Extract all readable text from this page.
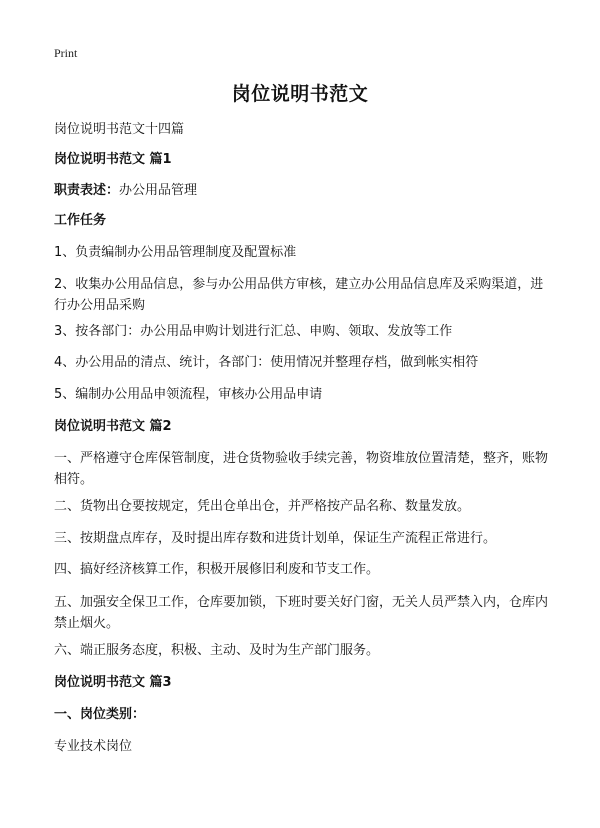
Print
岗位说明书范文
岗位说明书范文十四篇
岗位说明书范文 篇1
职责表述：办公用品管理
工作任务
1、负责编制办公用品管理制度及配置标准
2、收集办公用品信息，参与办公用品供方审核，建立办公用品信息库及采购渠道，进行办公用品采购
3、按各部门：办公用品申购计划进行汇总、申购、领取、发放等工作
4、办公用品的清点、统计，各部门：使用情况并整理存档，做到帐实相符
5、编制办公用品申领流程，审核办公用品申请
岗位说明书范文 篇2
一、严格遵守仓库保管制度，进仓货物验收手续完善，物资堆放位置清楚，整齐，账物相符。
二、货物出仓要按规定，凭出仓单出仓，并严格按产品名称、数量发放。
三、按期盘点库存，及时提出库存数和进货计划单，保证生产流程正常进行。
四、搞好经济核算工作，积极开展修旧利废和节支工作。
五、加强安全保卫工作，仓库要加锁，下班时要关好门窗，无关人员严禁入内，仓库内禁止烟火。
六、端正服务态度，积极、主动、及时为生产部门服务。
岗位说明书范文 篇3
一、岗位类别：
专业技术岗位
